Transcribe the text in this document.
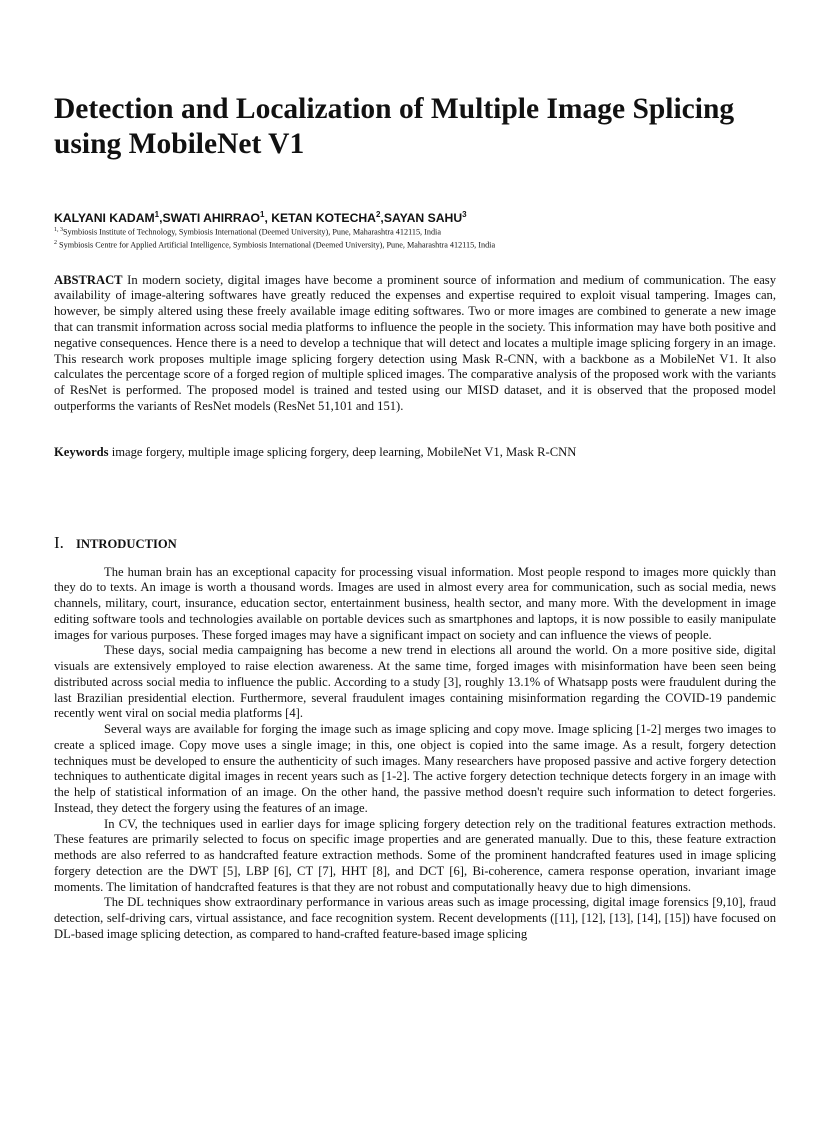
Detection and Localization of Multiple Image Splicing using MobileNet V1
KALYANI KADAM$^1$,SWATI AHIRRAO$^1$, KETAN KOTECHA$^2$,SAYAN SAHU$^3$
$^{1, 3}$Symbiosis Institute of Technology, Symbiosis International (Deemed University), Pune, Maharashtra 412115, India
$^2$ Symbiosis Centre for Applied Artificial Intelligence, Symbiosis International (Deemed University), Pune, Maharashtra 412115, India
ABSTRACT In modern society, digital images have become a prominent source of information and medium of communication. The easy availability of image-altering softwares have greatly reduced the expenses and expertise required to exploit visual tampering. Images can, however, be simply altered using these freely available image editing softwares. Two or more images are combined to generate a new image that can transmit information across social media platforms to influence the people in the society. This information may have both positive and negative consequences. Hence there is a need to develop a technique that will detect and locates a multiple image splicing forgery in an image. This research work proposes multiple image splicing forgery detection using Mask R-CNN, with a backbone as a MobileNet V1. It also calculates the percentage score of a forged region of multiple spliced images. The comparative analysis of the proposed work with the variants of ResNet is performed. The proposed model is trained and tested using our MISD dataset, and it is observed that the proposed model outperforms the variants of ResNet models (ResNet 51,101 and 151).
Keywords image forgery, multiple image splicing forgery, deep learning, MobileNet V1, Mask R-CNN
I. INTRODUCTION

The human brain has an exceptional capacity for processing visual information. Most people respond to images more quickly than they do to texts. An image is worth a thousand words. Images are used in almost every area for communication, such as social media, news channels, military, court, insurance, education sector, entertainment business, health sector, and many more. With the development in image editing software tools and technologies available on portable devices such as smartphones and laptops, it is now possible to easily manipulate images for various purposes. These forged images may have a significant impact on society and can influence the views of people.

These days, social media campaigning has become a new trend in elections all around the world. On a more positive side, digital visuals are extensively employed to raise election awareness. At the same time, forged images with misinformation have been seen being distributed across social media to influence the public. According to a study [3], roughly 13.1% of Whatsapp posts were fraudulent during the last Brazilian presidential election. Furthermore, several fraudulent images containing misinformation regarding the COVID-19 pandemic recently went viral on social media platforms [4].

Several ways are available for forging the image such as image splicing and copy move. Image splicing [1-2] merges two images to create a spliced image. Copy move uses a single image; in this, one object is copied into the same image. As a result, forgery detection techniques must be developed to ensure the authenticity of such images. Many researchers have proposed passive and active forgery detection techniques to authenticate digital images in recent years such as [1-2]. The active forgery detection technique detects forgery in an image with the help of statistical information of an image. On the other hand, the passive method doesn't require such information to detect forgeries. Instead, they detect the forgery using the features of an image.

In CV, the techniques used in earlier days for image splicing forgery detection rely on the traditional features extraction methods. These features are primarily selected to focus on specific image properties and are generated manually. Due to this, these feature extraction methods are also referred to as handcrafted feature extraction methods. Some of the prominent handcrafted features used in image splicing forgery detection are the DWT [5], LBP [6], CT [7], HHT [8], and DCT [6], Bi-coherence, camera response operation, invariant image moments. The limitation of handcrafted features is that they are not robust and computationally heavy due to high dimensions.

The DL techniques show extraordinary performance in various areas such as image processing, digital image forensics [9,10], fraud detection, self-driving cars, virtual assistance, and face recognition system. Recent developments ([11], [12], [13], [14], [15]) have focused on DL-based image splicing detection, as compared to hand-crafted feature-based image splicing
